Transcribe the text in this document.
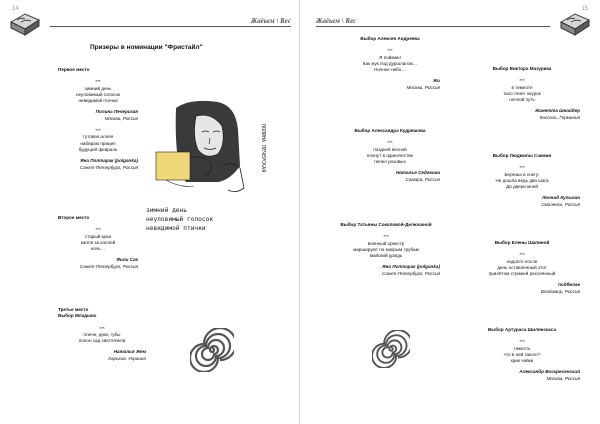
14
Жаёьем \ Rec
Призеры в номинации "Фристайл"
Первое место
***
зимний день
неуловимый голосок
невидимой птички
Полина Печерская
Москва, Россия
***
тутовая аллея
набираю прицеп
будущей февраль
Яна Полтарак (polganka)
Санкт-Петербург, Россия
Второе место
***
старый кран
капля за каплей
ночь…
Фили Сак
Санкт-Петербург, Россия
Третье место
Выбор Младших
***
плечи, руки, губы
полон сад светлячков
Наталья Жем
Харьков, Украина
зимний день
неуловимый голосок
невидимой птички
ПОЛИНА ПЕЧЕРСКАЯ
15
Жаёьем \ Rec
Выбор Алексея Андреева
***
Я пойман!
Как жук под дуршлагом…
Ночное небо…
Жи
Москва, Россия
Выбор Александра Кудряшова
***
поздней весной
плачут в одиночестве
пепел розовых
Наталья Седякова
Самара, Россия
Выбор Татьяны Соколовой-Делюсиной
***
военный оркестр
маршируют по мокрым трубам
майский дождь
Яна Полтарак (polganka)
Санкт-Петербург, Россия
Выбор Виктора Мазурика
***
в темноте
тихо тянет окурок
ночной путь
Жанетта Шнайдер
Кассель, Германия
Выбор Людмилы Сакмин
***
Березка в снегу:
Не дошла ведь два шага
До двери моей
Леонид Кульман
Смоленск, Россия
Выбор Елены Шапиной
***
надолго после
день оставленный этот
прилётом стрижей рассеянный
подбелае
Владимир, Россия
Выбор Артураса Шилянскаса
***
тяжесть
что в ней такого?
крик чайки
Александр Воскресенский
Москва, Россия
